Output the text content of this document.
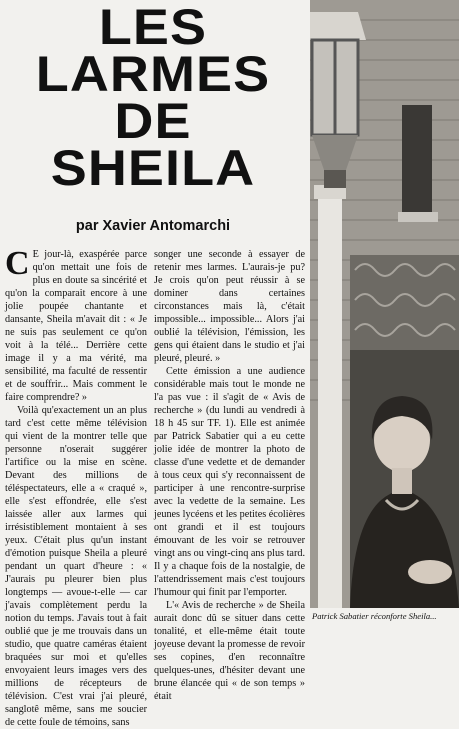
LES
LARMES
DE
SHEILA
par Xavier Antomarchi

C E jour-là, exaspérée parce qu'on mettait une fois de plus en doute sa sincérité et qu'on la comparait encore à une jolie poupée chantante et dansante, Sheila m'avait dit : « Je ne suis pas seulement ce qu'on voit à la télé... Derrière cette image il y a ma vérité, ma sensibilité, ma faculté de ressentir et de souffrir... Mais comment le faire comprendre? »

Voilà qu'exactement un an plus tard c'est cette même télévision qui vient de la montrer telle que personne n'oserait suggérer l'artifice ou la mise en scène. Devant des millions de téléspectateurs, elle a « craqué », elle s'est effondrée, elle s'est laissée aller aux larmes qui irrésistiblement montaient à ses yeux. C'était plus qu'un instant d'émotion puisque Sheila a pleuré pendant un quart d'heure : « J'aurais pu pleurer bien plus longtemps — avoue-t-elle — car j'avais complètement perdu la notion du temps. J'avais tout à fait oublié que je me trouvais dans un studio, que quatre caméras étaient braquées sur moi et qu'elles envoyaient leurs images vers des millions de récepteurs de télévision. C'est vrai j'ai pleuré, sanglotê même, sans me soucier de cette foule de témoins, sans

songer une seconde à essayer de retenir mes larmes. L'aurais-je pu? Je crois qu'on peut réussir à se dominer dans certaines circonstances mais là, c'était impossible... impossible... Alors j'ai oublié la télévision, l'émission, les gens qui étaient dans le studio et j'ai pleuré, pleuré. »

Cette émission a une audience considérable mais tout le monde ne l'a pas vue : il s'agit de « Avis de recherche » (du lundi au vendredi à 18 h 45 sur TF. 1). Elle est animée par Patrick Sabatier qui a eu cette jolie idée de montrer la photo de classe d'une vedette et de demander à tous ceux qui s'y reconnaissent de participer à une rencontre-surprise avec la vedette de la semaine. Les jeunes lycéens et les petites écolières ont grandi et il est toujours émouvant de les voir se retrouver vingt ans ou vingt-cinq ans plus tard. Il y a chaque fois de la nostalgie, de l'attendrissement mais c'est toujours l'humour qui finit par l'emporter.

L'« Avis de recherche » de Sheila aurait donc dû se situer dans cette tonalité, et elle-même était toute joyeuse devant la promesse de revoir ses copines, d'en reconnaître quelques-unes, d'hésiter devant une brune élancée qui « de son temps » était

Patrick Sabatier réconforte Sheila...
